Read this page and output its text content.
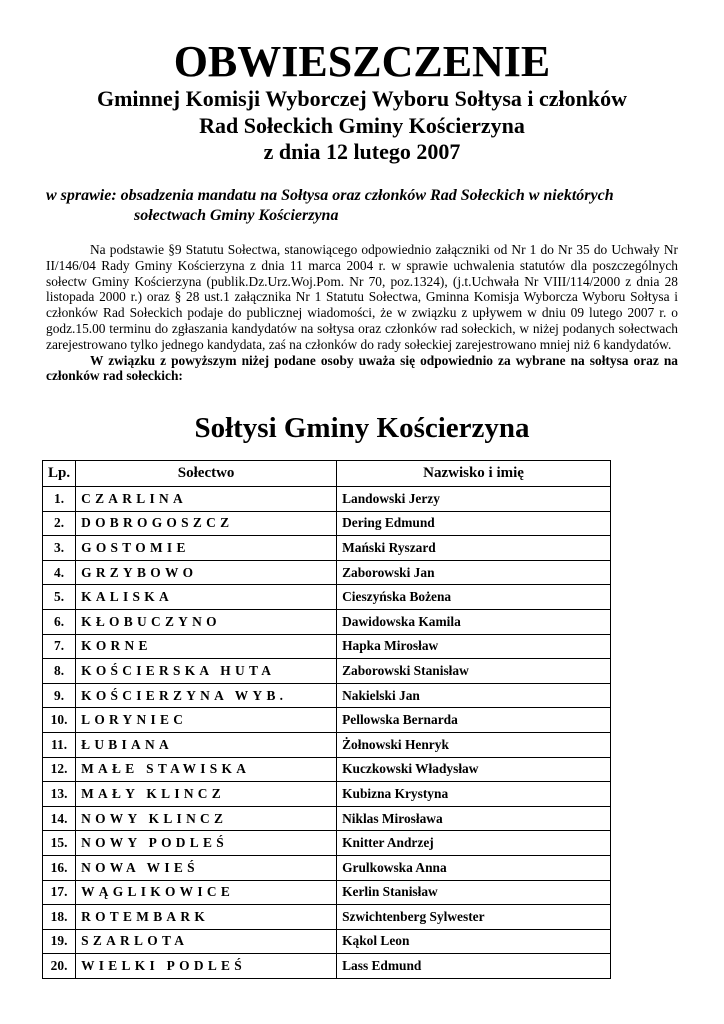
OBWIESZCZENIE
Gminnej Komisji Wyborczej Wyboru Sołtysa i członków
Rad Sołeckich Gminy Kościerzyna
z dnia 12 lutego 2007
w sprawie: obsadzenia mandatu na Sołtysa oraz członków Rad Sołeckich w niektórych
sołectwach Gminy Kościerzyna

Na podstawie §9 Statutu Sołectwa, stanowiącego odpowiednio załączniki od Nr 1 do Nr 35 do Uchwały Nr II/146/04 Rady Gminy Kościerzyna z dnia 11 marca 2004 r. w sprawie uchwalenia statutów dla poszczególnych sołectw Gminy Kościerzyna (publik.Dz.Urz.Woj.Pom. Nr 70, poz.1324), (j.t.Uchwała Nr VIII/114/2000 z dnia 28 listopada 2000 r.) oraz § 28 ust.1 załącznika Nr 1 Statutu Sołectwa, Gminna Komisja Wyborcza Wyboru Sołtysa i członków Rad Sołeckich podaje do publicznej wiadomości, że w związku z upływem w dniu 09 lutego 2007 r. o godz.15.00 terminu do zgłaszania kandydatów na sołtysa oraz członków rad sołeckich, w niżej podanych sołectwach zarejestrowano tylko jednego kandydata, zaś na członków do rady sołeckiej zarejestrowano mniej niż 6 kandydatów.

W związku z powyższym niżej podane osoby uważa się odpowiednio za wybrane na sołtysa oraz na członków rad sołeckich:

Sołtysi Gminy Kościerzyna
Lp.	Sołectwo	Nazwisko i imię
1.	CZARLINA	Landowski Jerzy
2.	DOBROGOSZCZ	Dering Edmund
3.	GOSTOMIE	Mański Ryszard
4.	GRZYBOWO	Zaborowski Jan
5.	KALISKA	Cieszyńska Bożena
6.	KŁOBUCZYNO	Dawidowska Kamila
7.	KORNE	Hapka Mirosław
8.	KOŚCIERSKA HUTA	Zaborowski Stanisław
9.	KOŚCIERZYNA WYB.	Nakielski Jan
10.	LORYNIEC	Pellowska Bernarda
11.	ŁUBIANA	Żołnowski Henryk
12.	MAŁE STAWISKA	Kuczkowski Władysław
13.	MAŁY KLINCZ	Kubizna Krystyna
14.	NOWY KLINCZ	Niklas Mirosława
15.	NOWY PODLEŚ	Knitter Andrzej
16.	NOWA WIEŚ	Grulkowska Anna
17.	WĄGLIKOWICE	Kerlin Stanisław
18.	ROTEMBARK	Szwichtenberg Sylwester
19.	SZARLOTA	Kąkol Leon
20.	WIELKI PODLEŚ	Lass Edmund
